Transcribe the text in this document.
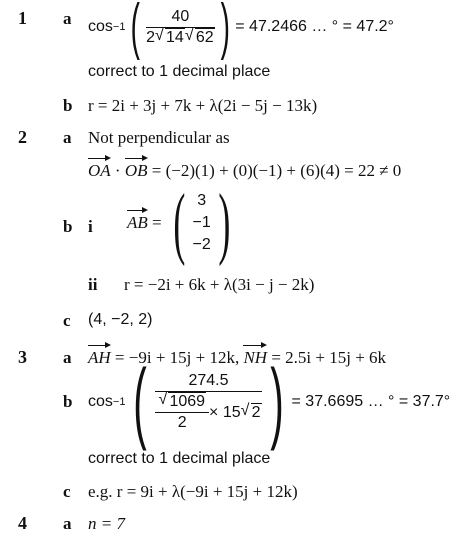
1 a cos −1 ( $\frac{40}{2 √ 14 √ 62}$ ) = 47.2466 … ° = 47.2°
correct to 1 decimal place
b r = 2i + 3j + 7k + λ(2i − 5j − 13k)
2 a Not perpendicular as
OA · OB = (−2)(1) + (0)(−1) + (6)(4) = 22 ≠ 0
b i AB = ( 3
−1
−2 )
ii r = −2i + 6k + λ(3i − j − 2k)
c (4, −2, 2)
3 a AH = −9i + 15j + 12k, NH = 2.5i + 15j + 6k
b cos −1 ( 274.5
√ $\frac{1069}{2} \times 15$ √ 2 ) = 37.6695 … ° = 37.7°
correct to 1 decimal place
c e.g. r = 9i + λ(−9i + 15j + 12k)
4 a n = 7
